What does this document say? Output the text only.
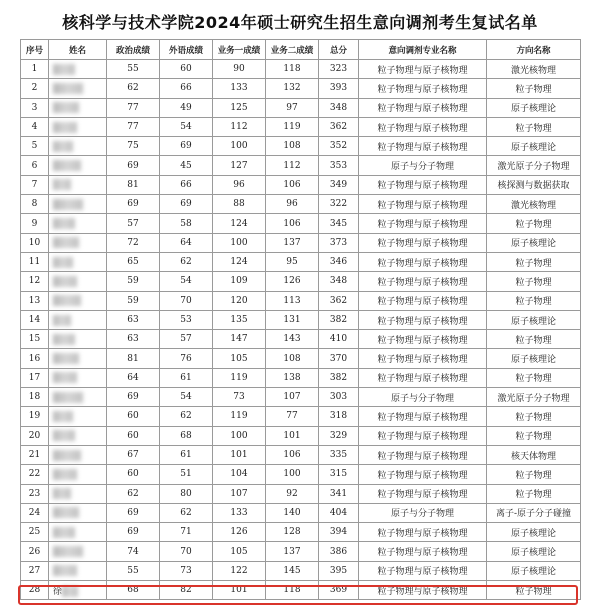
核科学与技术学院2024年硕士研究生招生意向调剂考生复试名单
序号	姓名	政治成绩	外语成绩	业务一成绩	业务二成绩	总分	意向调剂专业名称	方向名称
1		55	60	90	118	323	粒子物理与原子核物理	激光核物理
2		62	66	133	132	393	粒子物理与原子核物理	粒子物理
3		77	49	125	97	348	粒子物理与原子核物理	原子核理论
4		77	54	112	119	362	粒子物理与原子核物理	粒子物理
5		75	69	100	108	352	粒子物理与原子核物理	原子核理论
6		69	45	127	112	353	原子与分子物理	激光原子分子物理
7		81	66	96	106	349	粒子物理与原子核物理	核探测与数据获取
8		69	69	88	96	322	粒子物理与原子核物理	激光核物理
9		57	58	124	106	345	粒子物理与原子核物理	粒子物理
10		72	64	100	137	373	粒子物理与原子核物理	原子核理论
11		65	62	124	95	346	粒子物理与原子核物理	粒子物理
12		59	54	109	126	348	粒子物理与原子核物理	粒子物理
13		59	70	120	113	362	粒子物理与原子核物理	粒子物理
14		63	53	135	131	382	粒子物理与原子核物理	原子核理论
15		63	57	147	143	410	粒子物理与原子核物理	粒子物理
16		81	76	105	108	370	粒子物理与原子核物理	原子核理论
17		64	61	119	138	382	粒子物理与原子核物理	粒子物理
18		69	54	73	107	303	原子与分子物理	激光原子分子物理
19		60	62	119	77	318	粒子物理与原子核物理	粒子物理
20		60	68	100	101	329	粒子物理与原子核物理	粒子物理
21		67	61	101	106	335	粒子物理与原子核物理	核天体物理
22		60	51	104	100	315	粒子物理与原子核物理	粒子物理
23		62	80	107	92	341	粒子物理与原子核物理	粒子物理
24		69	62	133	140	404	原子与分子物理	离子-原子分子碰撞
25		69	71	126	128	394	粒子物理与原子核物理	原子核理论
26		74	70	105	137	386	粒子物理与原子核物理	原子核理论
27		55	73	122	145	395	粒子物理与原子核物理	原子核理论
28	徐	68	82	101	118	369	粒子物理与原子核物理	粒子物理
